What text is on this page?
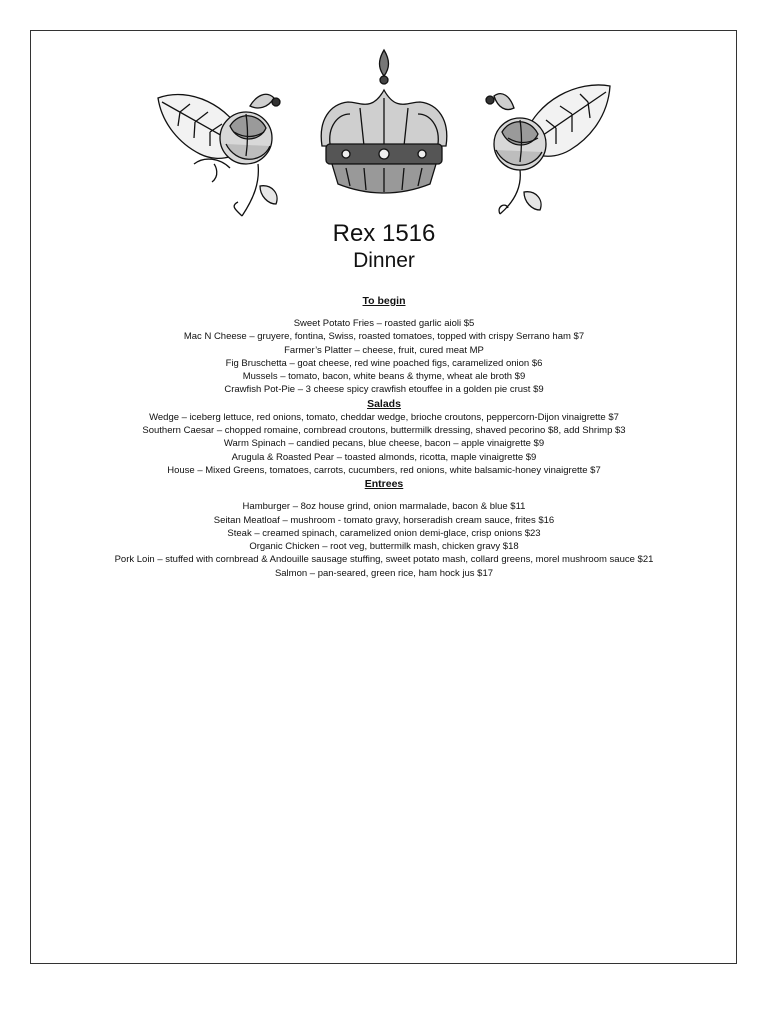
Rex 1516
Dinner
To begin
Sweet Potato Fries – roasted garlic aioli $5
Mac N Cheese – gruyere, fontina, Swiss, roasted tomatoes, topped with crispy Serrano ham $7
Farmer’s Platter – cheese, fruit, cured meat MP
Fig Bruschetta – goat cheese, red wine poached figs, caramelized onion $6
Mussels – tomato, bacon, white beans & thyme, wheat ale broth $9
Crawfish Pot-Pie – 3 cheese spicy crawfish etouffee in a golden pie crust $9
Salads
Wedge – iceberg lettuce, red onions, tomato, cheddar wedge, brioche croutons, peppercorn-Dijon vinaigrette $7
Southern Caesar – chopped romaine, cornbread croutons, buttermilk dressing, shaved pecorino $8, add Shrimp $3
Warm Spinach – candied pecans, blue cheese, bacon – apple vinaigrette $9
Arugula & Roasted Pear – toasted almonds, ricotta, maple vinaigrette $9
House – Mixed Greens, tomatoes, carrots, cucumbers, red onions, white balsamic-honey vinaigrette $7
Entrees
Hamburger – 8oz house grind, onion marmalade, bacon & blue $11
Seitan Meatloaf – mushroom - tomato gravy, horseradish cream sauce, frites $16
Steak – creamed spinach, caramelized onion demi-glace, crisp onions $23
Organic Chicken – root veg, buttermilk mash, chicken gravy $18
Pork Loin – stuffed with cornbread & Andouille sausage stuffing, sweet potato mash, collard greens, morel mushroom sauce $21
Salmon – pan-seared, green rice, ham hock jus $17
